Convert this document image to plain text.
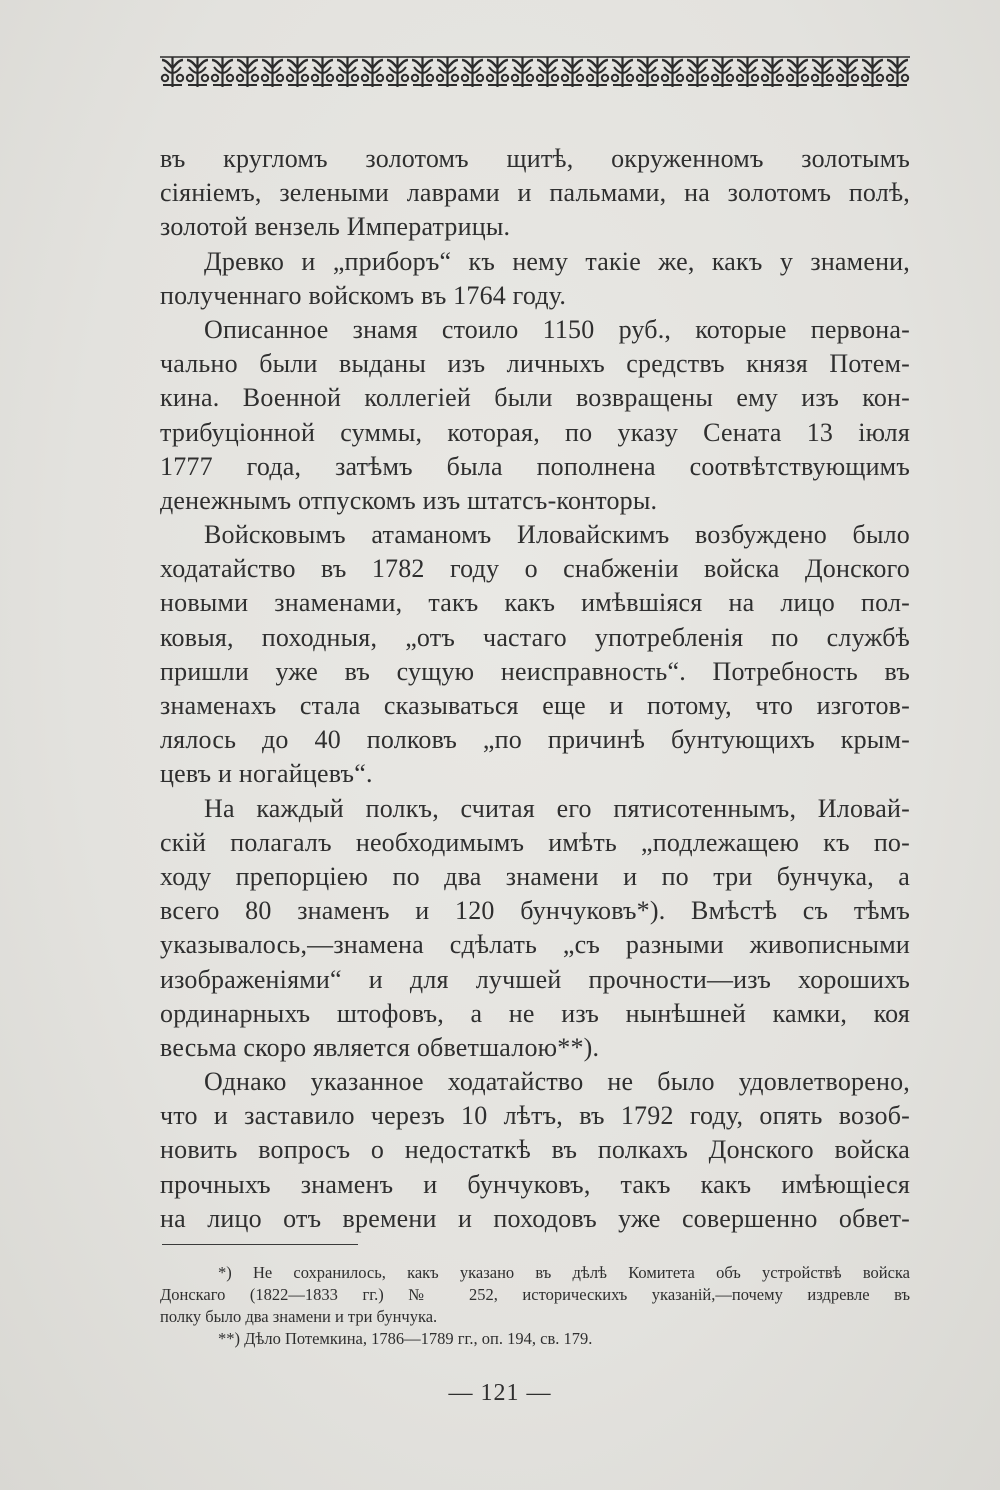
въ кругломъ золотомъ щитѣ, окруженномъ золотымъ
сіяніемъ, зелеными лаврами и пальмами, на золотомъ полѣ,
золотой вензель Императрицы.
Древко и „приборъ“ къ нему такіе же, какъ у знамени,
полученнаго войскомъ въ 1764 году.
Описанное знамя стоило 1150 руб., которые первона-
чально были выданы изъ личныхъ средствъ князя Потем-
кина. Военной коллегіей были возвращены ему изъ кон-
трибуціонной суммы, которая, по указу Сената 13 іюля
1777 года, затѣмъ была пополнена соотвѣтствующимъ
денежнымъ отпускомъ изъ штатсъ-конторы.
Войсковымъ атаманомъ Иловайскимъ возбуждено было
ходатайство въ 1782 году о снабженіи войска Донского
новыми знаменами, такъ какъ имѣвшіяся на лицо пол-
ковыя, походныя, „отъ частаго употребленія по службѣ
пришли уже въ сущую неисправность“. Потребность въ
знаменахъ стала сказываться еще и потому, что изготов-
лялось до 40 полковъ „по причинѣ бунтующихъ крым-
цевъ и ногайцевъ“.
На каждый полкъ, считая его пятисотеннымъ, Иловай-
скій полагалъ необходимымъ имѣть „подлежащею къ по-
ходу препорціею по два знамени и по три бунчука, а
всего 80 знаменъ и 120 бунчуковъ*). Вмѣстѣ съ тѣмъ
указывалось,—знамена сдѣлать „съ разными живописными
изображеніями“ и для лучшей прочности—изъ хорошихъ
ординарныхъ штофовъ, а не изъ нынѣшней камки, коя
весьма скоро является обветшалою**).
Однако указанное ходатайство не было удовлетворено,
что и заставило черезъ 10 лѣтъ, въ 1792 году, опять возоб-
новить вопросъ о недостаткѣ въ полкахъ Донского войска
прочныхъ знаменъ и бунчуковъ, такъ какъ имѣющіеся
на лицо отъ времени и походовъ уже совершенно обвет-
*) Не сохранилось, какъ указано въ дѣлѣ Комитета объ устройствѣ войска
Донскаго (1822—1833 гг.) № 252, историческихъ указаній,—почему издревле въ
полку было два знамени и три бунчука.
**) Дѣло Потемкина, 1786—1789 гг., оп. 194, св. 179.
— 121 —
